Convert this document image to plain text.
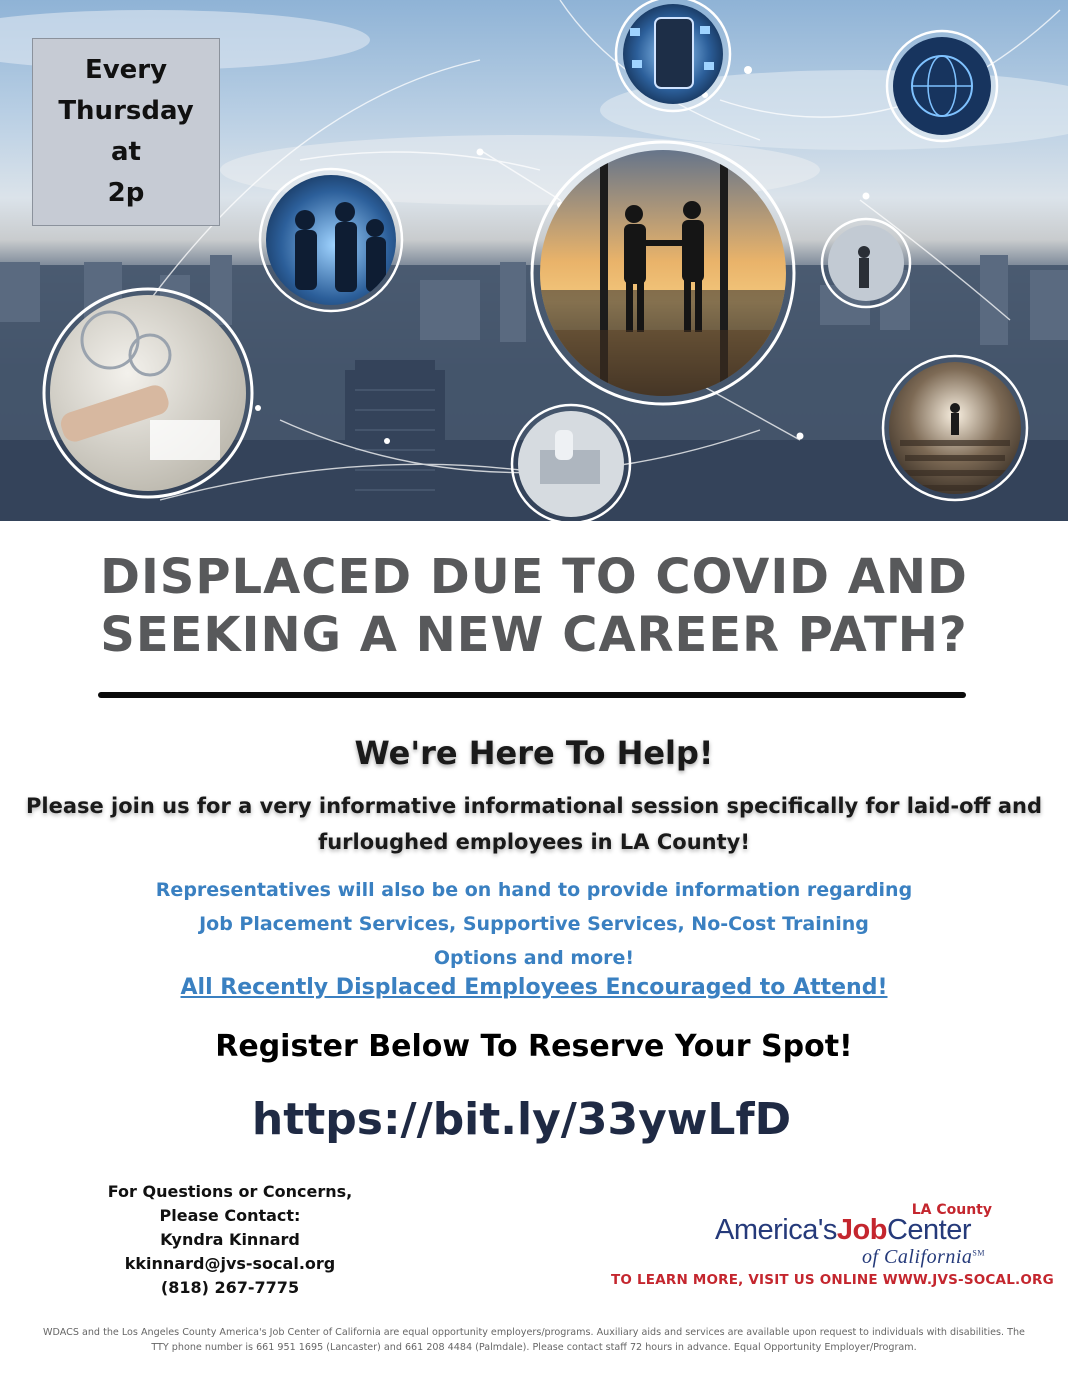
Every
Thursday
at
2p
DISPLACED DUE TO COVID AND
SEEKING A NEW CAREER PATH?
We're Here To Help!
Please join us for a very informative informational session specifically for laid-off and
furloughed employees in LA County!
Representatives will also be on hand to provide information regarding
Job Placement Services, Supportive Services, No-Cost Training
Options and more!
All Recently Displaced Employees Encouraged to Attend!
Register Below To Reserve Your Spot!
https://bit.ly/33ywLfD
For Questions or Concerns,
Please Contact:
Kyndra Kinnard
kkinnard@jvs-socal.org
(818) 267-7775
LA County
America'sJobCenter
of California℠
TO LEARN MORE, VISIT US ONLINE WWW.JVS-SOCAL.ORG
WDACS and the Los Angeles County America's Job Center of California are equal opportunity employers/programs. Auxiliary aids and services are available upon request to individuals with disabilities. The
TTY phone number is 661 951 1695 (Lancaster) and 661 208 4484 (Palmdale). Please contact staff 72 hours in advance. Equal Opportunity Employer/Program.
